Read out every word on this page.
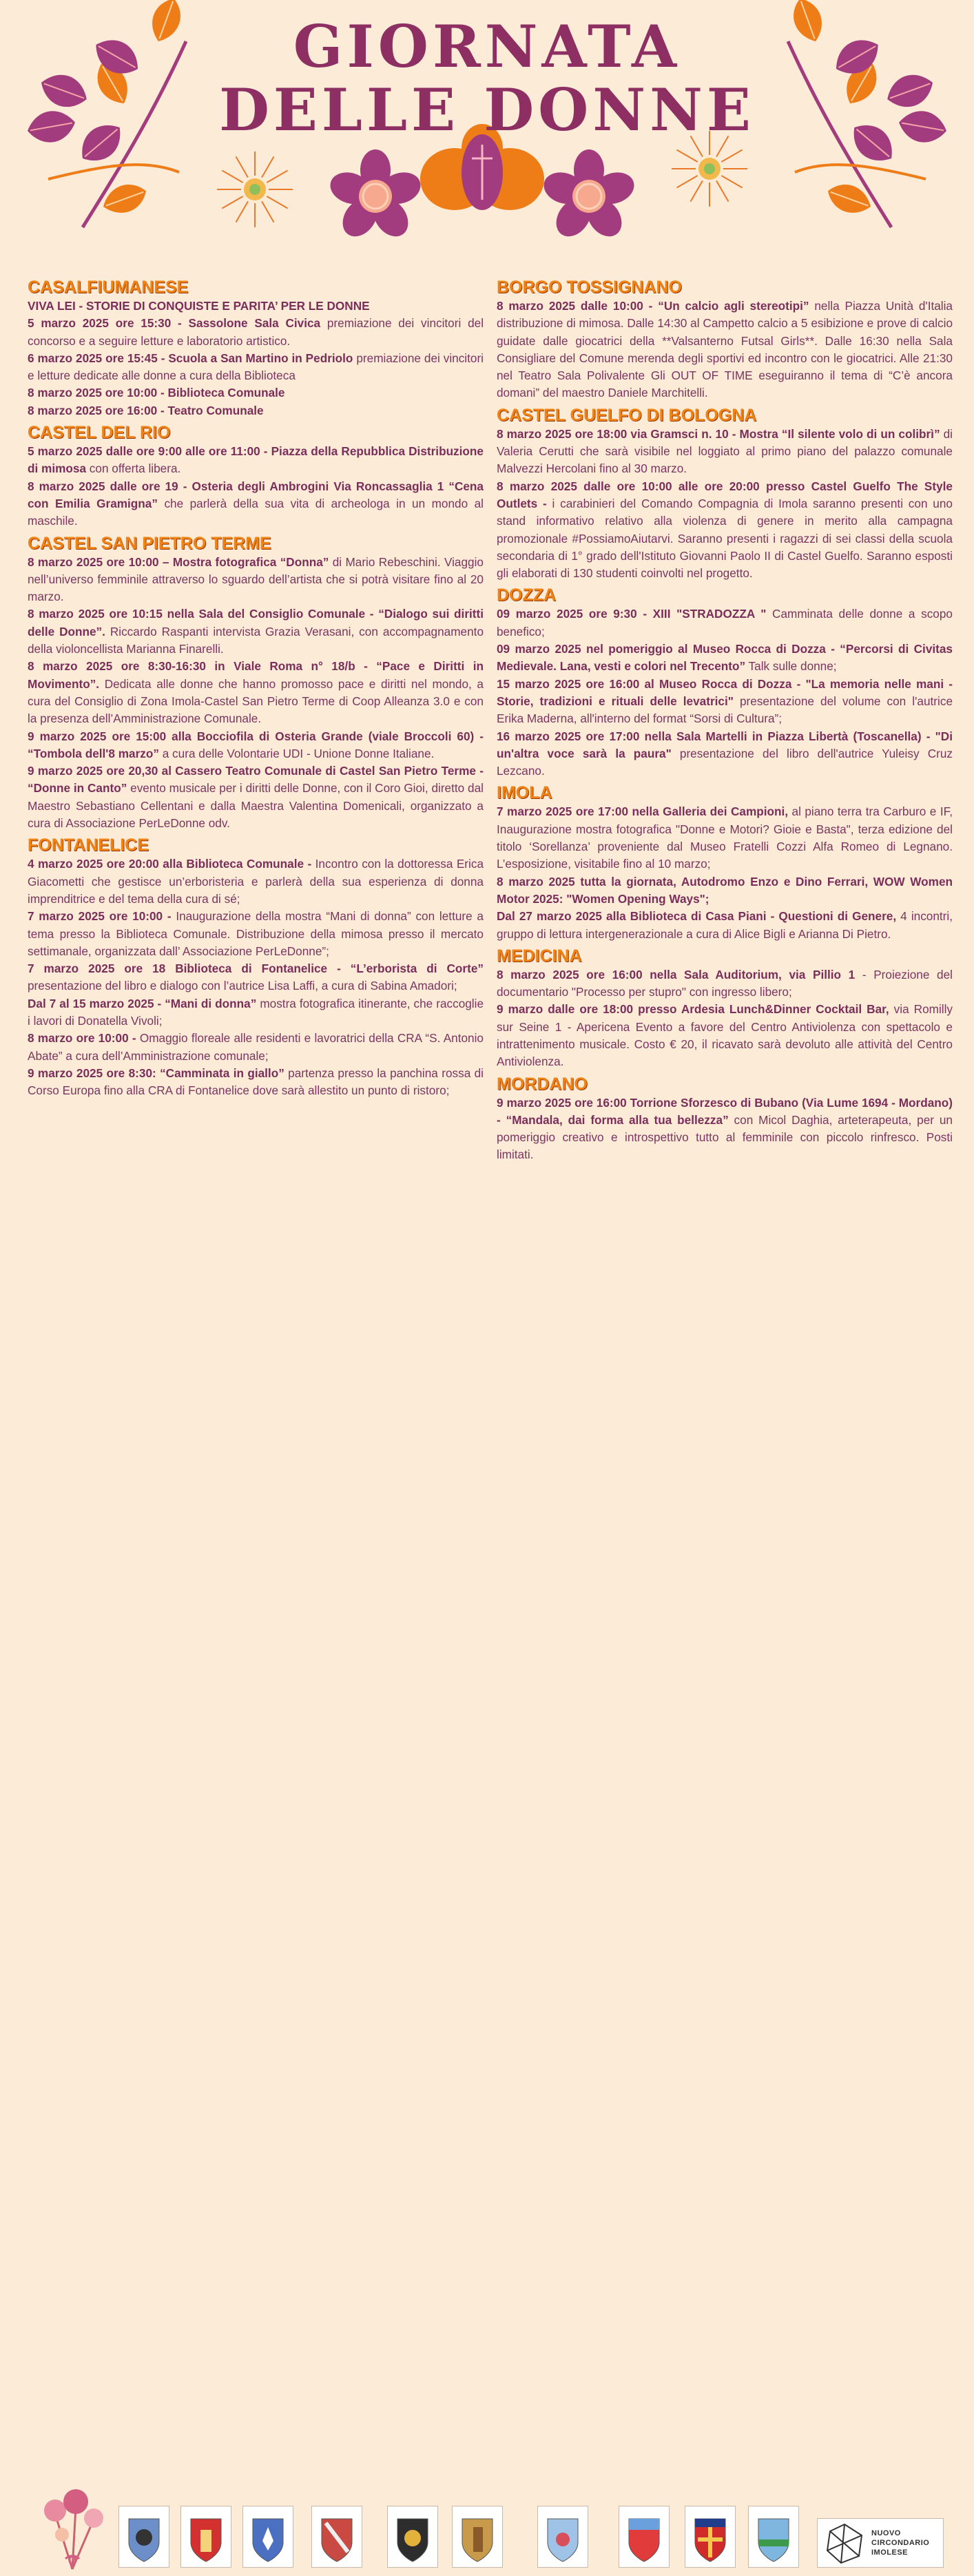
GIORNATA
DELLE DONNE
CASALFIUMANESE

VIVA LEI - STORIE DI CONQUISTE E PARITA’ PER LE DONNE

5 marzo 2025 ore 15:30 - Sassolone Sala Civica premiazione dei vincitori del concorso e a seguire letture e laboratorio artistico.

6 marzo 2025 ore 15:45 - Scuola a San Martino in Pedriolo premiazione dei vincitori e letture dedicate alle donne a cura della Biblioteca

8 marzo 2025 ore 10:00 - Biblioteca Comunale

8 marzo 2025 ore 16:00 - Teatro Comunale

CASTEL DEL RIO

5 marzo 2025 dalle ore 9:00 alle ore 11:00 - Piazza della Repubblica Distribuzione di mimosa con offerta libera.

8 marzo 2025 dalle ore 19 - Osteria degli Ambrogini Via Roncassaglia 1 “Cena con Emilia Gramigna” che parlerà della sua vita di archeologa in un mondo al maschile.

CASTEL SAN PIETRO TERME

8 marzo 2025 ore 10:00 – Mostra fotografica “Donna” di Mario Rebeschini. Viaggio nell’universo femminile attraverso lo sguardo dell’artista che si potrà visitare fino al 20 marzo.

8 marzo 2025 ore 10:15 nella Sala del Consiglio Comunale - “Dialogo sui diritti delle Donne”. Riccardo Raspanti intervista Grazia Verasani, con accompagnamento della violoncellista Marianna Finarelli.

8 marzo 2025 ore 8:30-16:30 in Viale Roma n° 18/b - “Pace e Diritti in Movimento”. Dedicata alle donne che hanno promosso pace e diritti nel mondo, a cura del Consiglio di Zona Imola-Castel San Pietro Terme di Coop Alleanza 3.0 e con la presenza dell’Amministrazione Comunale.

9 marzo 2025 ore 15:00 alla Bocciofila di Osteria Grande (viale Broccoli 60) - “Tombola dell'8 marzo” a cura delle Volontarie UDI - Unione Donne Italiane.

9 marzo 2025 ore 20,30 al Cassero Teatro Comunale di Castel San Pietro Terme - “Donne in Canto” evento musicale per i diritti delle Donne, con il Coro Gioi, diretto dal Maestro Sebastiano Cellentani e dalla Maestra Valentina Domenicali, organizzato a cura di Associazione PerLeDonne odv.

FONTANELICE

4 marzo 2025 ore 20:00 alla Biblioteca Comunale - Incontro con la dottoressa Erica Giacometti che gestisce un’erboristeria e parlerà della sua esperienza di donna imprenditrice e del tema della cura di sé;

7 marzo 2025 ore 10:00 - Inaugurazione della mostra “Mani di donna” con letture a tema presso la Biblioteca Comunale. Distribuzione della mimosa presso il mercato settimanale, organizzata dall’ Associazione PerLeDonne”;

7 marzo 2025 ore 18 Biblioteca di Fontanelice - “L’erborista di Corte” presentazione del libro e dialogo con l’autrice Lisa Laffi, a cura di Sabina Amadori;

Dal 7 al 15 marzo 2025 - “Mani di donna” mostra fotografica itinerante, che raccoglie i lavori di Donatella Vivoli;

8 marzo ore 10:00 - Omaggio floreale alle residenti e lavoratrici della CRA “S. Antonio Abate” a cura dell’Amministrazione comunale;

9 marzo 2025 ore 8:30: “Camminata in giallo” partenza presso la panchina rossa di Corso Europa fino alla CRA di Fontanelice dove sarà allestito un punto di ristoro;

BORGO TOSSIGNANO

8 marzo 2025 dalle 10:00 - “Un calcio agli stereotipi” nella Piazza Unità d'Italia distribuzione di mimosa. Dalle 14:30 al Campetto calcio a 5 esibizione e prove di calcio guidate dalle giocatrici della **Valsanterno Futsal Girls**. Dalle 16:30 nella Sala Consigliare del Comune merenda degli sportivi ed incontro con le giocatrici. Alle 21:30 nel Teatro Sala Polivalente Gli OUT OF TIME eseguiranno il tema di “C’è ancora domani” del maestro Daniele Marchitelli.

CASTEL GUELFO DI BOLOGNA

8 marzo 2025 ore 18:00 via Gramsci n. 10 - Mostra “Il silente volo di un colibrì” di Valeria Cerutti che sarà visibile nel loggiato al primo piano del palazzo comunale Malvezzi Hercolani fino al 30 marzo.

8 marzo 2025 dalle ore 10:00 alle ore 20:00 presso Castel Guelfo The Style Outlets - i carabinieri del Comando Compagnia di Imola saranno presenti con uno stand informativo relativo alla violenza di genere in merito alla campagna promozionale #PossiamoAiutarvi. Saranno presenti i ragazzi di sei classi della scuola secondaria di 1° grado dell'Istituto Giovanni Paolo II di Castel Guelfo. Saranno esposti gli elaborati di 130 studenti coinvolti nel progetto.

DOZZA

09 marzo 2025 ore 9:30 - XIII "STRADOZZA " Camminata delle donne a scopo benefico;

09 marzo 2025 nel pomeriggio al Museo Rocca di Dozza - “Percorsi di Civitas Medievale. Lana, vesti e colori nel Trecento” Talk sulle donne;

15 marzo 2025 ore 16:00 al Museo Rocca di Dozza - "La memoria nelle mani - Storie, tradizioni e rituali delle levatrici" presentazione del volume con l'autrice Erika Maderna, all'interno del format “Sorsi di Cultura”;

16 marzo 2025 ore 17:00 nella Sala Martelli in Piazza Libertà (Toscanella) - "Di un'altra voce sarà la paura" presentazione del libro dell'autrice Yuleisy Cruz Lezcano.

IMOLA

7 marzo 2025 ore 17:00 nella Galleria dei Campioni, al piano terra tra Carburo e IF, Inaugurazione mostra fotografica "Donne e Motori? Gioie e Basta", terza edizione del titolo ‘Sorellanza’ proveniente dal Museo Fratelli Cozzi Alfa Romeo di Legnano. L’esposizione, visitabile fino al 10 marzo;

8 marzo 2025 tutta la giornata, Autodromo Enzo e Dino Ferrari, WOW Women Motor 2025: "Women Opening Ways";

Dal 27 marzo 2025 alla Biblioteca di Casa Piani - Questioni di Genere, 4 incontri, gruppo di lettura intergenerazionale a cura di Alice Bigli e Arianna Di Pietro.

MEDICINA

8 marzo 2025 ore 16:00 nella Sala Auditorium, via Pillio 1 - Proiezione del documentario "Processo per stupro" con ingresso libero;

9 marzo dalle ore 18:00 presso Ardesia Lunch&Dinner Cocktail Bar, via Romilly sur Seine 1 - Apericena Evento a favore del Centro Antiviolenza con spettacolo e intrattenimento musicale. Costo € 20, il ricavato sarà devoluto alle attività del Centro Antiviolenza.

MORDANO

9 marzo 2025 ore 16:00 Torrione Sforzesco di Bubano (Via Lume 1694 - Mordano) - “Mandala, dai forma alla tua bellezza” con Micol Daghia, arteterapeuta, per un pomeriggio creativo e introspettivo tutto al femminile con piccolo rinfresco. Posti limitati.

NUOVO
CIRCONDARIO
IMOLESE
